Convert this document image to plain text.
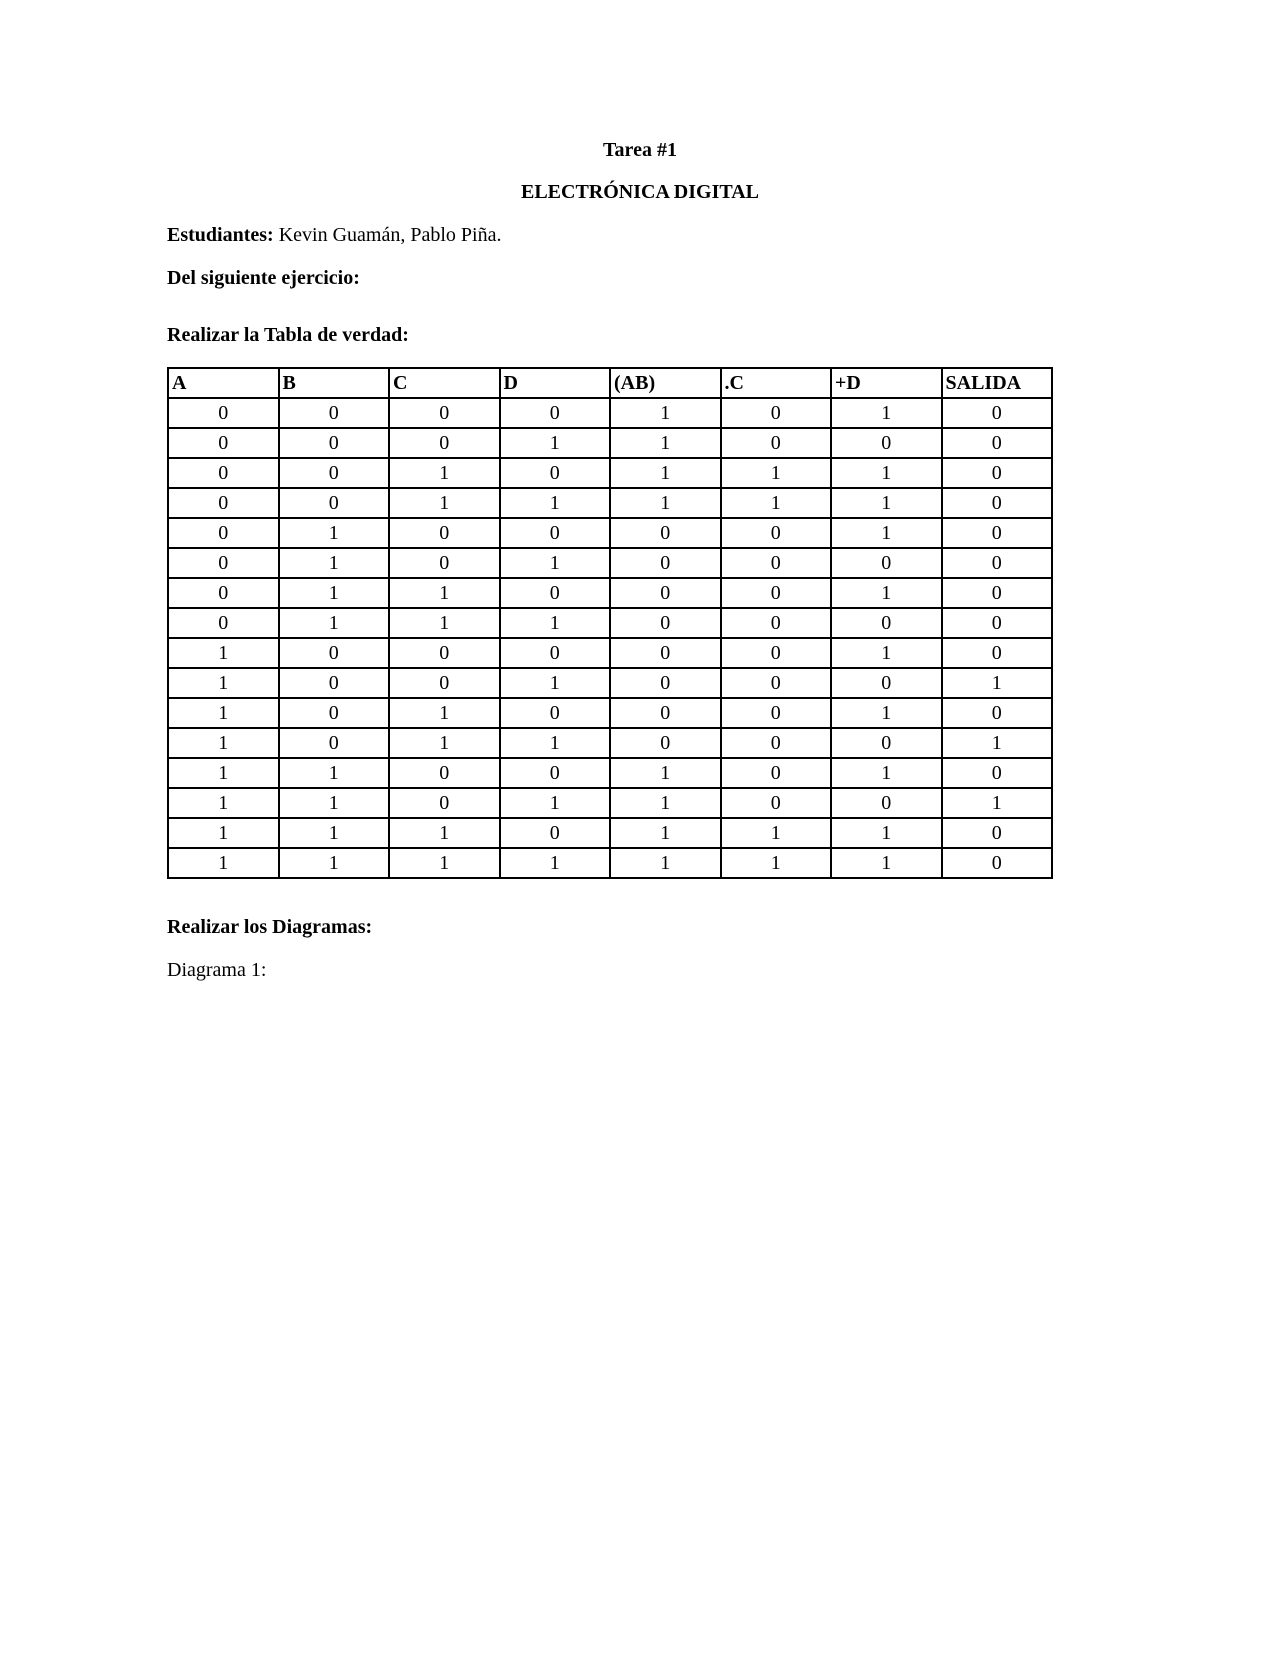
Tarea #1
ELECTRÓNICA DIGITAL

Estudiantes: Kevin Guamán, Pablo Piña.

Del siguiente ejercicio:

Realizar la Tabla de verdad:

A	B	C	D	(AB)	.C	+D	SALIDA
0	0	0	0	1	0	1	0
0	0	0	1	1	0	0	0
0	0	1	0	1	1	1	0
0	0	1	1	1	1	1	0
0	1	0	0	0	0	1	0
0	1	0	1	0	0	0	0
0	1	1	0	0	0	1	0
0	1	1	1	0	0	0	0
1	0	0	0	0	0	1	0
1	0	0	1	0	0	0	1
1	0	1	0	0	0	1	0
1	0	1	1	0	0	0	1
1	1	0	0	1	0	1	0
1	1	0	1	1	0	0	1
1	1	1	0	1	1	1	0
1	1	1	1	1	1	1	0

Realizar los Diagramas:

Diagrama 1:
